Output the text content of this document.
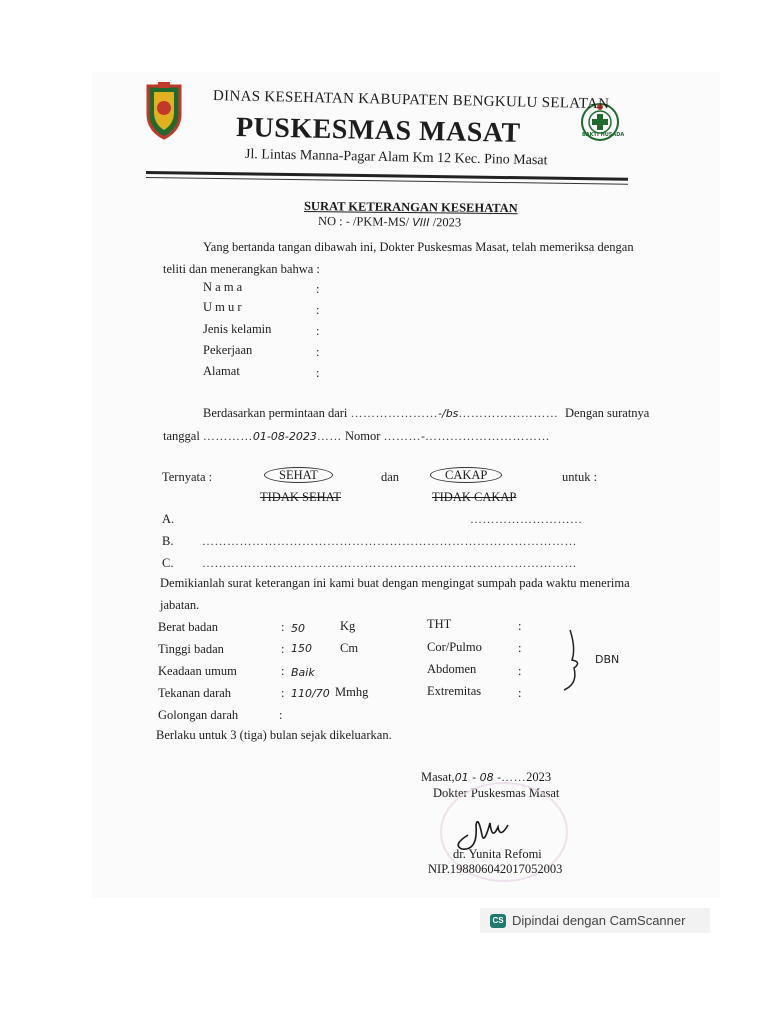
BAKTI HUSADA
DINAS KESEHATAN KABUPATEN BENGKULU SELATAN
PUSKESMAS MASAT
Jl. Lintas Manna-Pagar Alam Km 12 Kec. Pino Masat
SURAT KETERANGAN KESEHATAN
NO : - /PKM-MS/ VIII /2023
Yang bertanda tangan dibawah ini, Dokter Puskesmas Masat, telah memeriksa dengan
teliti dan menerangkan bahwa :
N a m a	:
U m u r	:
Jenis kelamin	:
Pekerjaan	:
Alamat	:
Berdasarkan permintaan dari …………………-/bs…………………… Dengan suratnya
tanggal …………01-08-2023…… Nomor ………-…………………………
Ternyata :	SEHAT
TIDAK SEHAT
dan	CAKAP
TIDAK CAKAP
untuk :
A.	………………………
B. ………………………………………………………………………………
C. ………………………………………………………………………………
Demikianlah surat keterangan ini kami buat dengan mengingat sumpah pada waktu menerima
jabatan.
Berat badan	: 50	Kg
Tinggi badan	: 150 Cm
Keadaan umum	: Baik
Tekanan darah	: 110/70 Mmhg
Golongan darah	:
THT	:
Cor/Pulmo	:
Abdomen	:
Extremitas	:
DBN
Berlaku untuk 3 (tiga) bulan sejak dikeluarkan.
Masat,01 - 08 -……2023
Dokter Puskesmas Masat
dr. Yunita Refomi
NIP.198806042017052003
CS Dipindai dengan CamScanner
